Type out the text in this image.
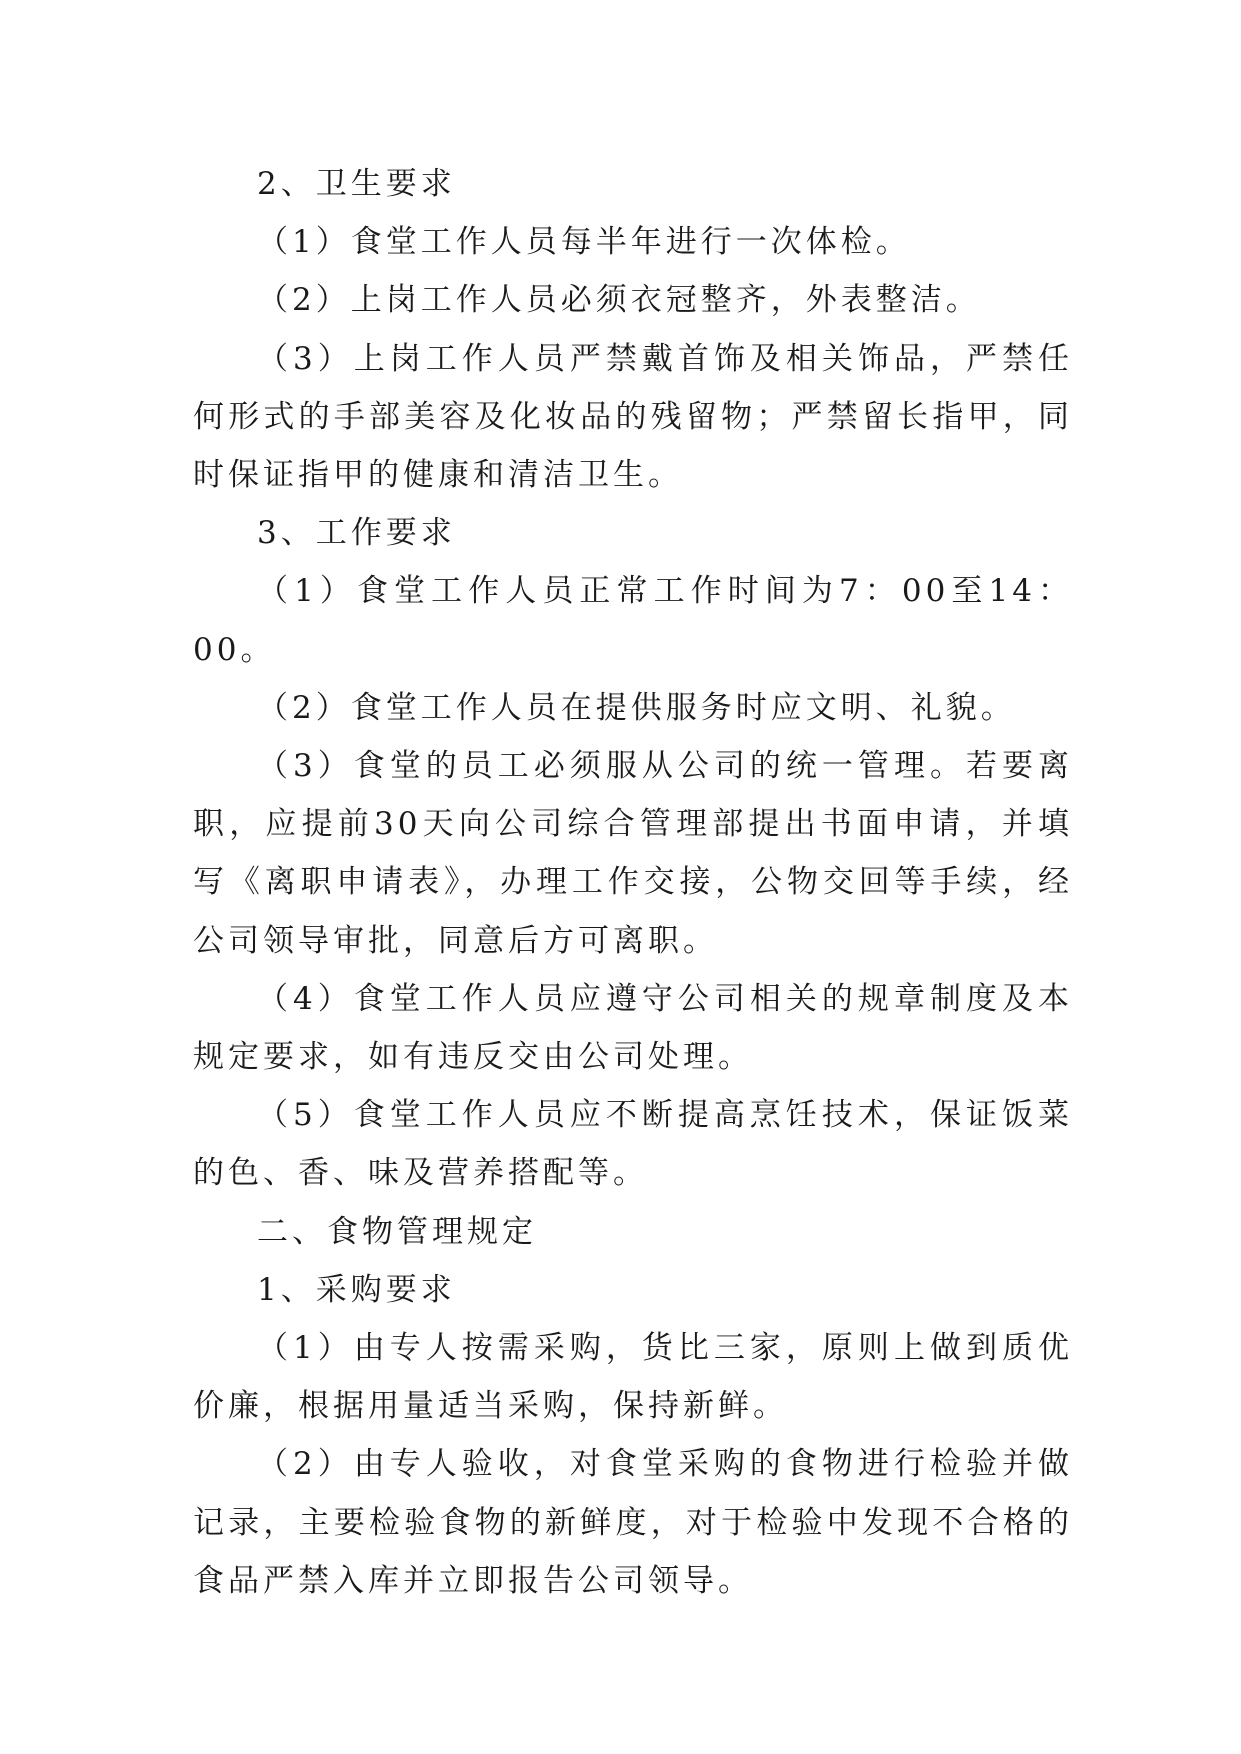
2、卫生要求

（1）食堂工作人员每半年进行一次体检。

（2）上岗工作人员必须衣冠整齐，外表整洁。

（3）上岗工作人员严禁戴首饰及相关饰品，严禁任何形式的手部美容及化妆品的残留物；严禁留长指甲，同时保证指甲的健康和清洁卫生。

3、工作要求

（1）食堂工作人员正常工作时间为7：00至14：00。

（2）食堂工作人员在提供服务时应文明、礼貌。

（3）食堂的员工必须服从公司的统一管理。若要离职，应提前30天向公司综合管理部提出书面申请，并填写《离职申请表》，办理工作交接，公物交回等手续，经公司领导审批，同意后方可离职。

（4）食堂工作人员应遵守公司相关的规章制度及本规定要求，如有违反交由公司处理。

（5）食堂工作人员应不断提高烹饪技术，保证饭菜的色、香、味及营养搭配等。

二、食物管理规定

1、采购要求

（1）由专人按需采购，货比三家，原则上做到质优价廉，根据用量适当采购，保持新鲜。

（2）由专人验收，对食堂采购的食物进行检验并做记录，主要检验食物的新鲜度，对于检验中发现不合格的食品严禁入库并立即报告公司领导。
